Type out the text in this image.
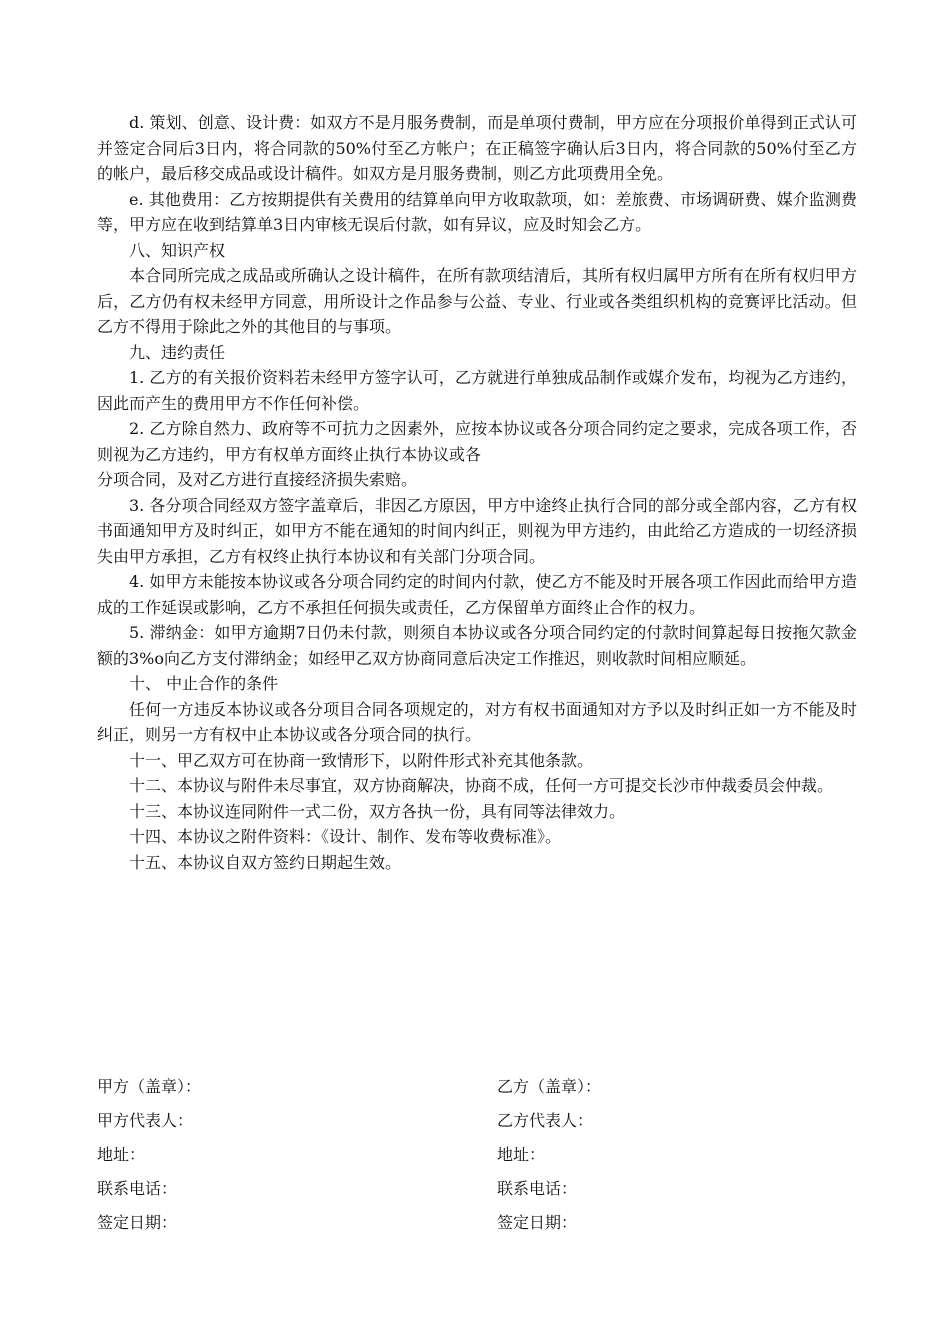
d. 策划、创意、设计费：如双方不是月服务费制，而是单项付费制，甲方应在分项报价单得到正式认可并签定合同后3日内，将合同款的50%付至乙方帐户；在正稿签字确认后3日内，将合同款的50%付至乙方的帐户，最后移交成品或设计稿件。如双方是月服务费制，则乙方此项费用全免。

e. 其他费用：乙方按期提供有关费用的结算单向甲方收取款项，如：差旅费、市场调研费、媒介监测费等，甲方应在收到结算单3日内审核无误后付款，如有异议，应及时知会乙方。

八、知识产权

本合同所完成之成品或所确认之设计稿件，在所有款项结清后，其所有权归属甲方所有在所有权归甲方后，乙方仍有权未经甲方同意，用所设计之作品参与公益、专业、行业或各类组织机构的竞赛评比活动。但乙方不得用于除此之外的其他目的与事项。

九、违约责任

1. 乙方的有关报价资料若未经甲方签字认可，乙方就进行单独成品制作或媒介发布，均视为乙方违约，因此而产生的费用甲方不作任何补偿。

2. 乙方除自然力、政府等不可抗力之因素外，应按本协议或各分项合同约定之要求，完成各项工作，否则视为乙方违约，甲方有权单方面终止执行本协议或各

分项合同，及对乙方进行直接经济损失索赔。

3. 各分项合同经双方签字盖章后，非因乙方原因，甲方中途终止执行合同的部分或全部内容，乙方有权书面通知甲方及时纠正，如甲方不能在通知的时间内纠正，则视为甲方违约，由此给乙方造成的一切经济损失由甲方承担，乙方有权终止执行本协议和有关部门分项合同。

4. 如甲方未能按本协议或各分项合同约定的时间内付款，使乙方不能及时开展各项工作因此而给甲方造成的工作延误或影响，乙方不承担任何损失或责任，乙方保留单方面终止合作的权力。

5. 滞纳金：如甲方逾期7日仍未付款，则须自本协议或各分项合同约定的付款时间算起每日按拖欠款金额的3%o向乙方支付滞纳金；如经甲乙双方协商同意后决定工作推迟，则收款时间相应顺延。

十、 中止合作的条件

任何一方违反本协议或各分项目合同各项规定的，对方有权书面通知对方予以及时纠正如一方不能及时纠正，则另一方有权中止本协议或各分项合同的执行。

十一、甲乙双方可在协商一致情形下，以附件形式补充其他条款。

十二、本协议与附件未尽事宜，双方协商解决，协商不成，任何一方可提交长沙市仲裁委员会仲裁。

十三、本协议连同附件一式二份，双方各执一份，具有同等法律效力。

十四、本协议之附件资料：《设计、制作、发布等收费标准》。

十五、本协议自双方签约日期起生效。

甲方（盖章）：	乙方（盖章）：
甲方代表人：	乙方代表人：
地址：	地址：
联系电话：	联系电话：
签定日期：	签定日期：
